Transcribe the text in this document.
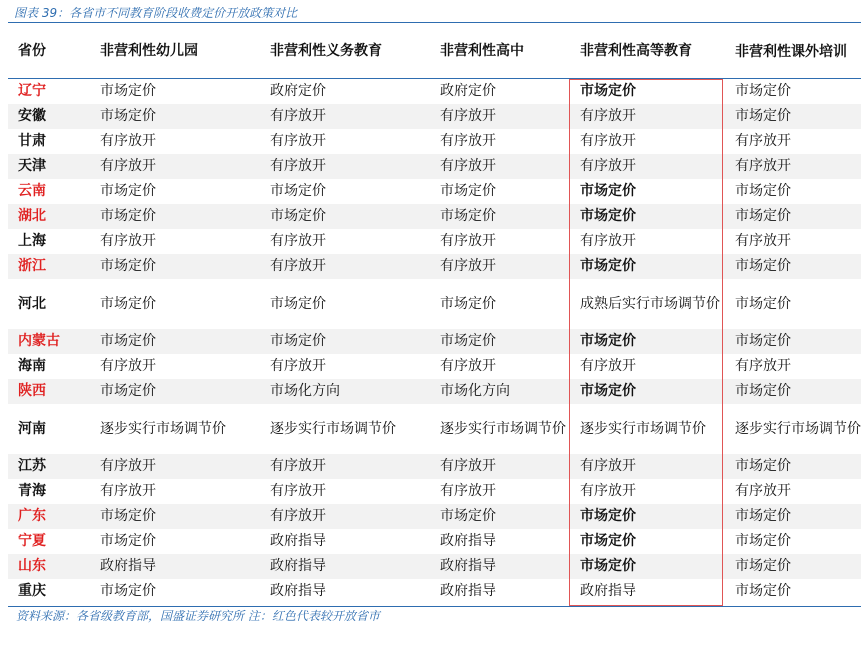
图表 39：各省市不同教育阶段收费定价开放政策对比
省份	非营利性幼儿园	非营利性义务教育	非营利性高中	非营利性高等教育	非营利性课外培训
辽宁	市场定价	政府定价	政府定价	市场定价	市场定价
安徽	市场定价	有序放开	有序放开	有序放开	市场定价
甘肃	有序放开	有序放开	有序放开	有序放开	有序放开
天津	有序放开	有序放开	有序放开	有序放开	有序放开
云南	市场定价	市场定价	市场定价	市场定价	市场定价
湖北	市场定价	市场定价	市场定价	市场定价	市场定价
上海	有序放开	有序放开	有序放开	有序放开	有序放开
浙江	市场定价	有序放开	有序放开	市场定价	市场定价
河北	市场定价	市场定价	市场定价	成熟后实行市场调节价	市场定价
内蒙古	市场定价	市场定价	市场定价	市场定价	市场定价
海南	有序放开	有序放开	有序放开	有序放开	有序放开
陕西	市场定价	市场化方向	市场化方向	市场定价	市场定价
河南	逐步实行市场调节价	逐步实行市场调节价	逐步实行市场调节价	逐步实行市场调节价	逐步实行市场调节价
江苏	有序放开	有序放开	有序放开	有序放开	市场定价
青海	有序放开	有序放开	有序放开	有序放开	有序放开
广东	市场定价	有序放开	市场定价	市场定价	市场定价
宁夏	市场定价	政府指导	政府指导	市场定价	市场定价
山东	政府指导	政府指导	政府指导	市场定价	市场定价
重庆	市场定价	政府指导	政府指导	政府指导	市场定价
资料来源：各省级教育部，国盛证券研究所 注：红色代表较开放省市
